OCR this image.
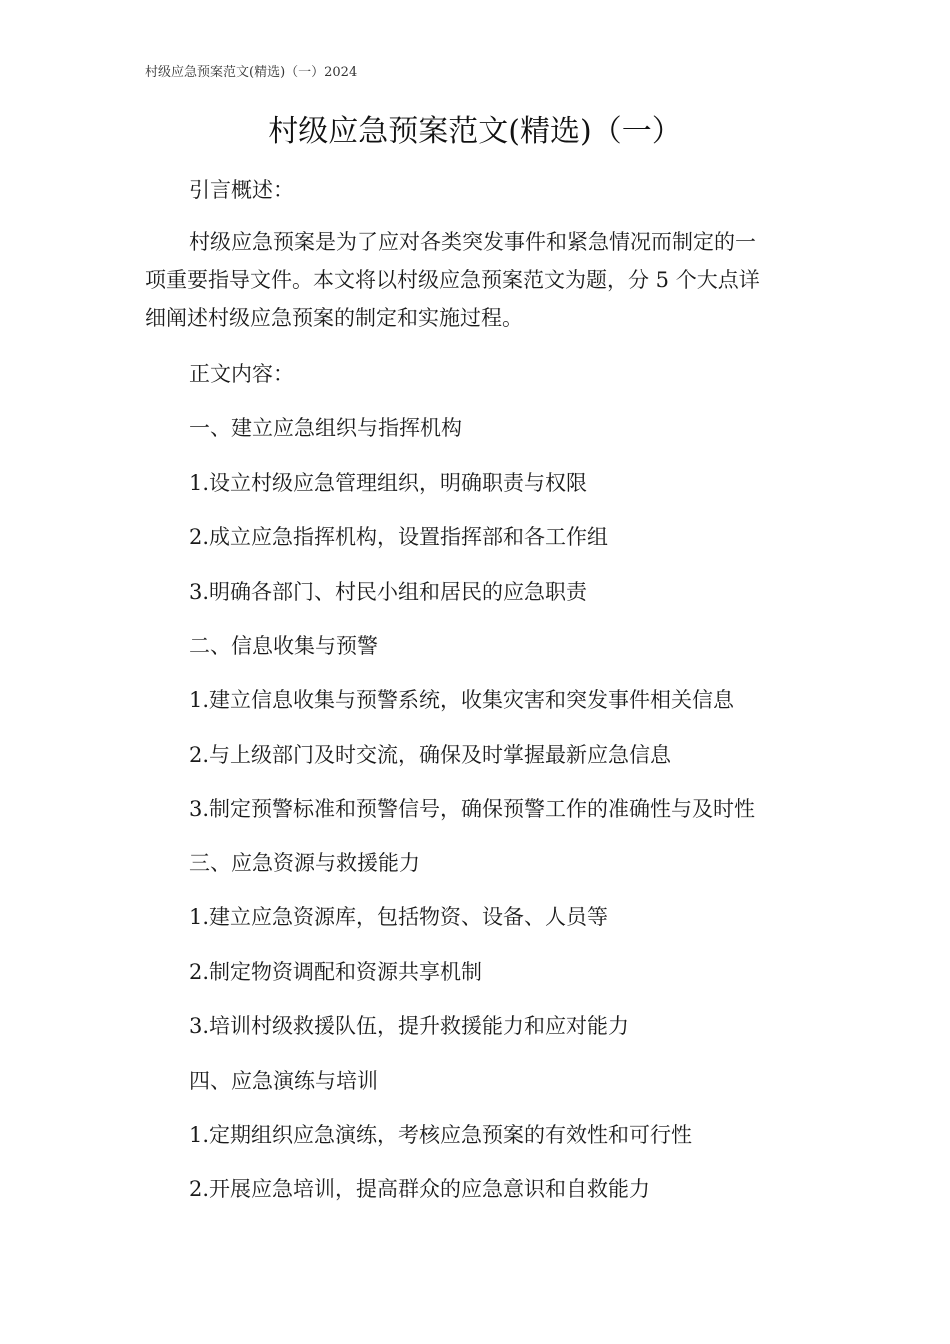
村级应急预案范文(精选)（一）2024
村级应急预案范文(精选)（一）
引言概述：
村级应急预案是为了应对各类突发事件和紧急情况而制定的一
项重要指导文件。本文将以村级应急预案范文为题，分 5 个大点详
细阐述村级应急预案的制定和实施过程。
正文内容：
一、建立应急组织与指挥机构
1.设立村级应急管理组织，明确职责与权限
2.成立应急指挥机构，设置指挥部和各工作组
3.明确各部门、村民小组和居民的应急职责
二、信息收集与预警
1.建立信息收集与预警系统，收集灾害和突发事件相关信息
2.与上级部门及时交流，确保及时掌握最新应急信息
3.制定预警标准和预警信号，确保预警工作的准确性与及时性
三、应急资源与救援能力
1.建立应急资源库，包括物资、设备、人员等
2.制定物资调配和资源共享机制
3.培训村级救援队伍，提升救援能力和应对能力
四、应急演练与培训
1.定期组织应急演练，考核应急预案的有效性和可行性
2.开展应急培训，提高群众的应急意识和自救能力
